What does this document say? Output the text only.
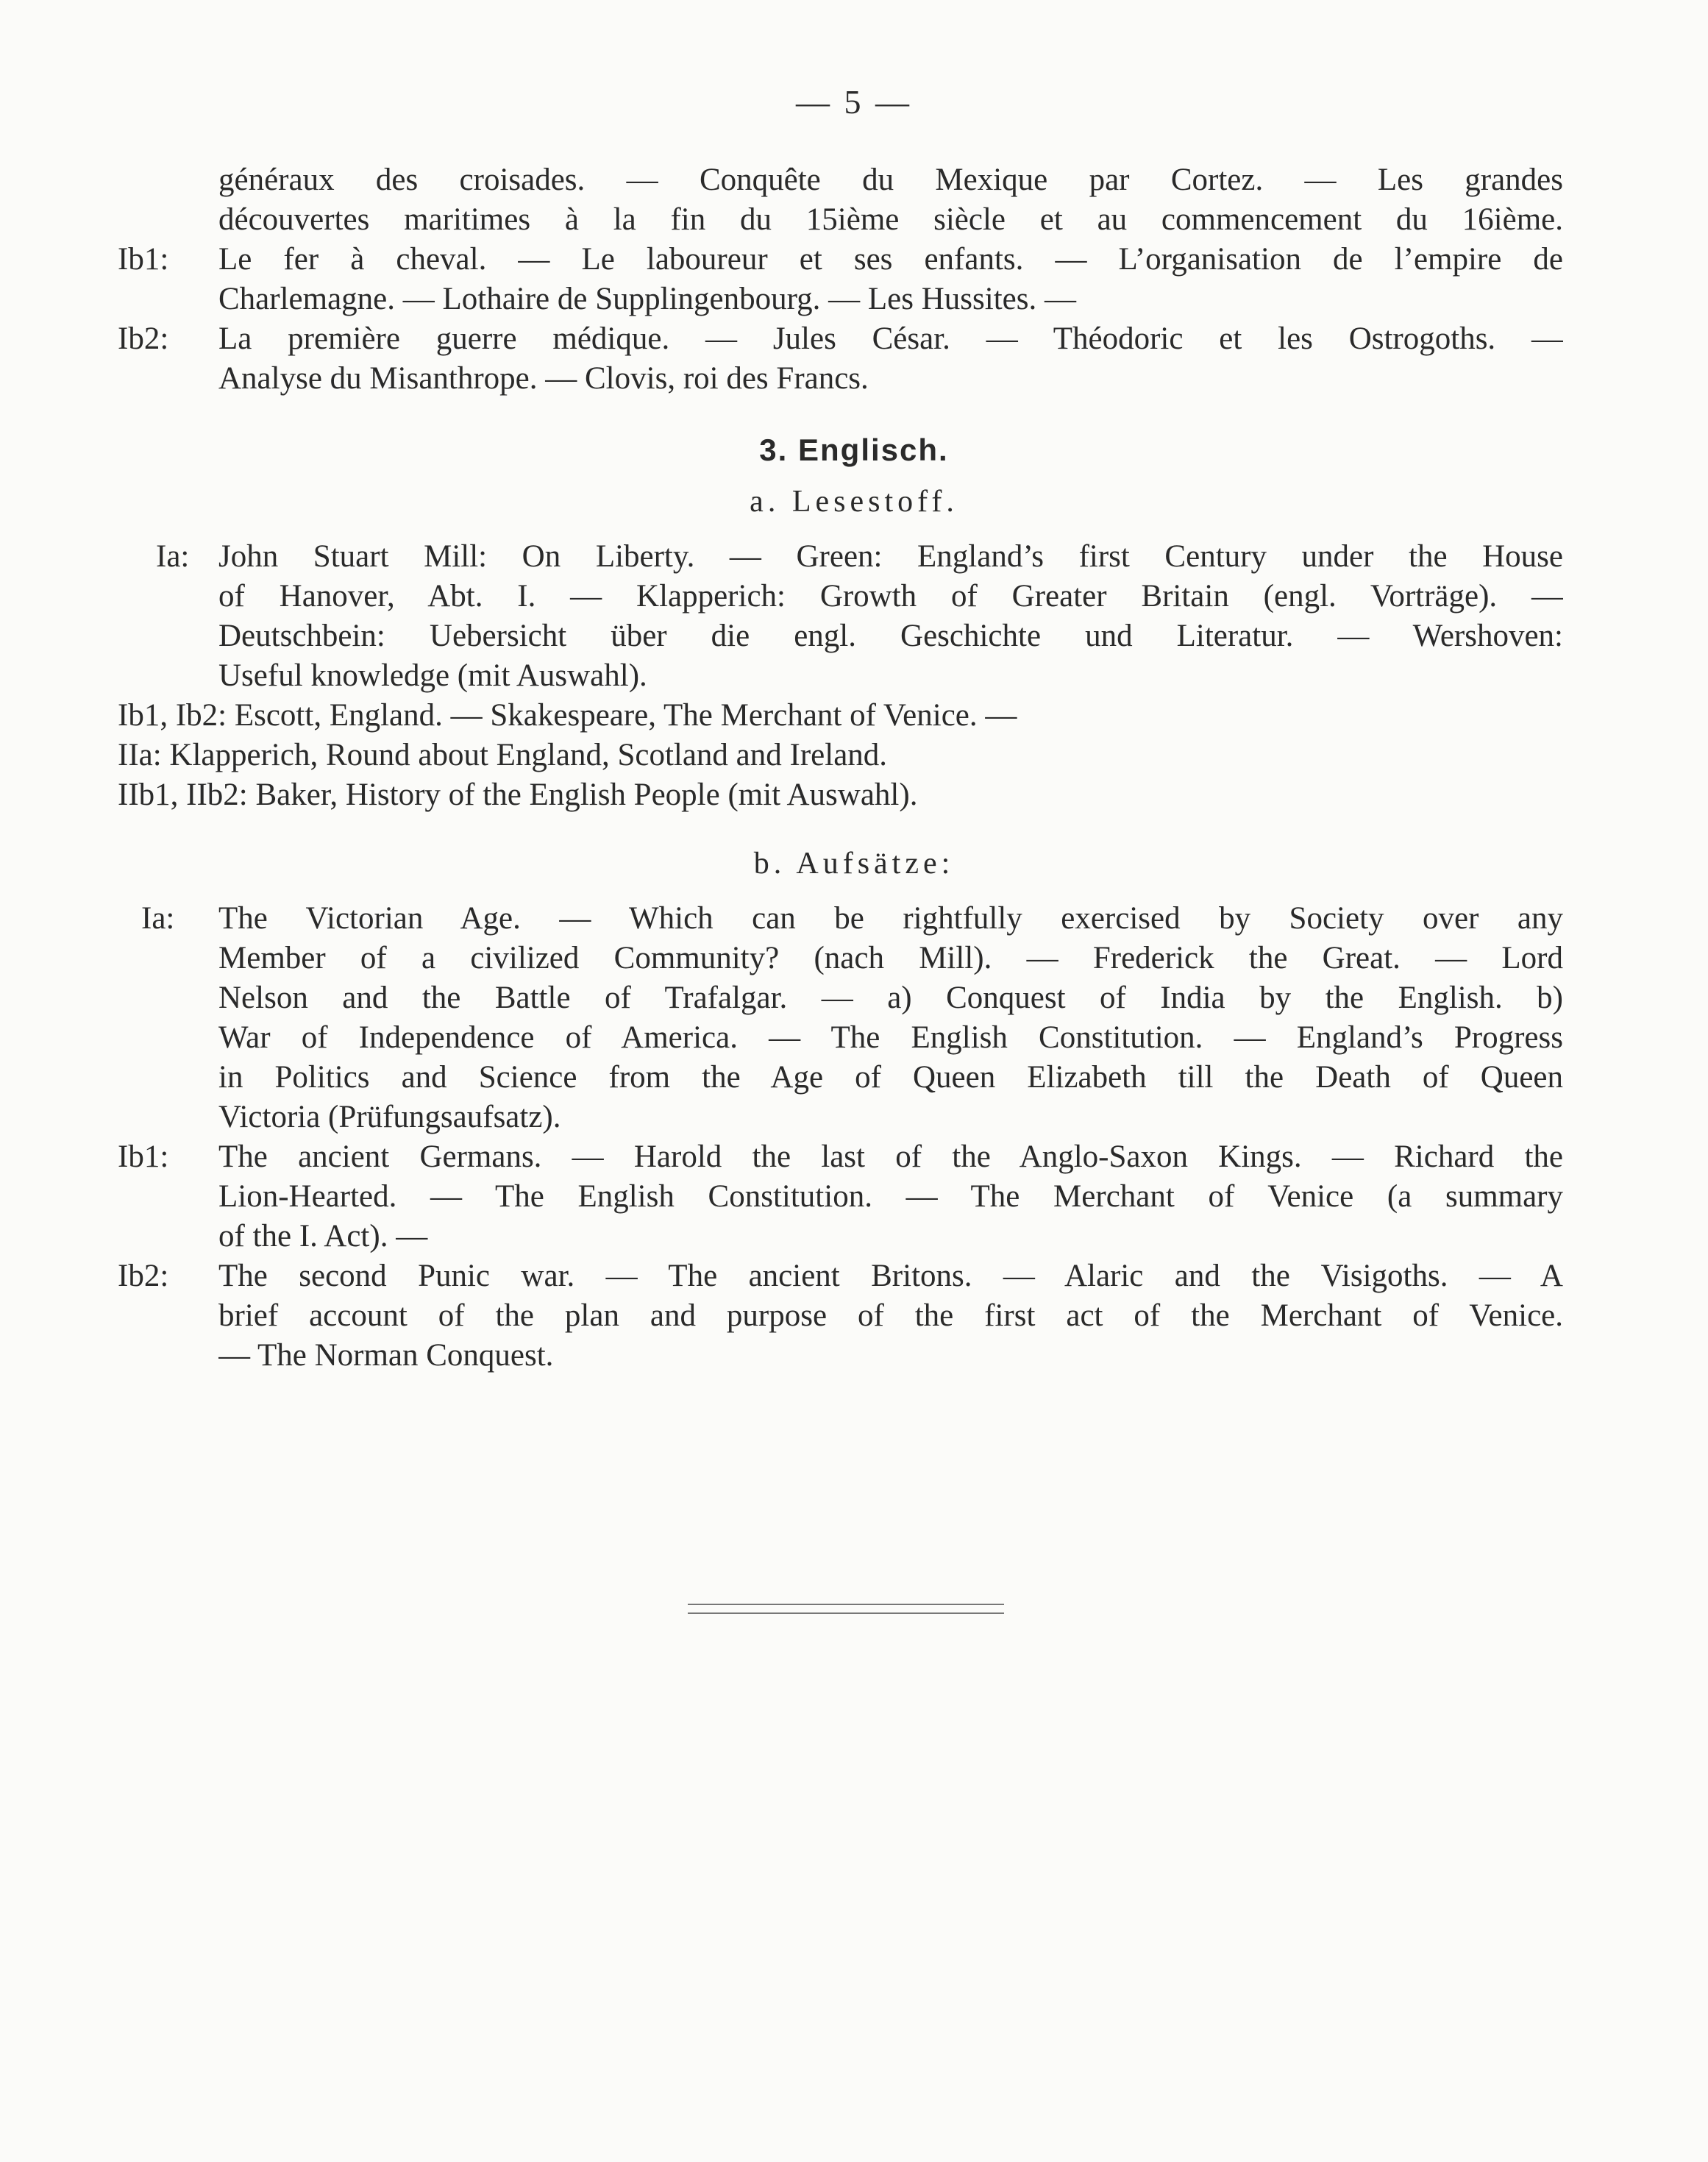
— 5 —
généraux des croisades. — Conquête du Mexique par Cortez. — Les grandes
découvertes maritimes à la fin du 15ième siècle et au commencement du 16ième.
Ib1:	Le fer à cheval. — Le laboureur et ses enfants. — L’organisation de l’empire de
Charlemagne. — Lothaire de Supplingenbourg. — Les Hussites. —
Ib2:	La première guerre médique. — Jules César. — Théodoric et les Ostrogoths. —
Analyse du Misanthrope. — Clovis, roi des Francs.
3. Englisch.
a. Lesestoff.
Ia: John Stuart Mill: On Liberty. — Green: England’s first Century under the House
of Hanover, Abt. I. — Klapperich: Growth of Greater Britain (engl. Vorträge). —
Deutschbein: Uebersicht über die engl. Geschichte und Literatur. — Wershoven:
Useful knowledge (mit Auswahl).
Ib1, Ib2: Escott, England. — Skakespeare, The Merchant of Venice. —
IIa: Klapperich, Round about England, Scotland and Ireland.
IIb1, IIb2: Baker, History of the English People (mit Auswahl).
b. Aufsätze:
Ia:	The Victorian Age. — Which can be rightfully exercised by Society over any
Member of a civilized Community? (nach Mill). — Frederick the Great. — Lord
Nelson and the Battle of Trafalgar. — a) Conquest of India by the English. b)
War of Independence of America. — The English Constitution. — England’s Progress
in Politics and Science from the Age of Queen Elizabeth till the Death of Queen
Victoria (Prüfungsaufsatz).
Ib1:	The ancient Germans. — Harold the last of the Anglo-Saxon Kings. — Richard the
Lion-Hearted. — The English Constitution. — The Merchant of Venice (a summary
of the I. Act). —
Ib2:	The second Punic war. — The ancient Britons. — Alaric and the Visigoths. — A
brief account of the plan and purpose of the first act of the Merchant of Venice.
— The Norman Conquest.
